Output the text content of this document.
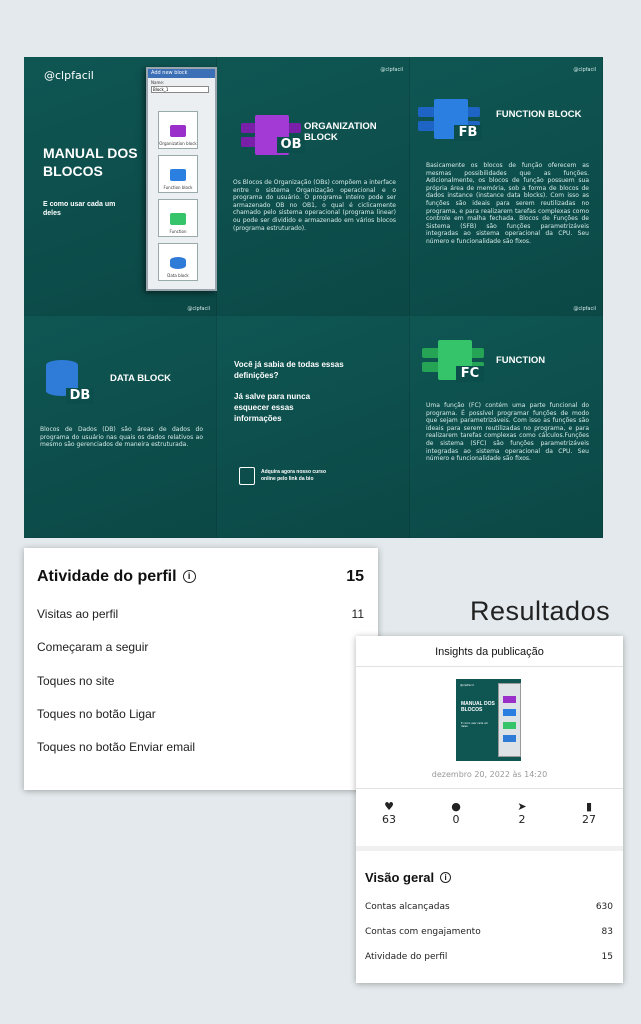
@clpfacil
MANUAL DOS BLOCOS
E como usar cada um deles
Add new block
Name:
Block_1
Organization block
Function block
Function
Data block
@clpfacil
OB
ORGANIZATION BLOCK
Os Blocos de Organização (OBs) compõem a interface entre o sistema Organização operacional e o programa do usuário. O programa inteiro pode ser armazenado OB no OB1, o qual é ciclicamente chamado pelo sistema operacional (programa linear) ou pode ser dividido e armazenado em vários blocos (programa estruturado).
@clpfacil
FB
FUNCTION BLOCK
Basicamente os blocos de função oferecem as mesmas possibilidades que as funções. Adicionalmente, os blocos de função possuem sua própria área de memória, sob a forma de blocos de dados instance (instance data blocks). Com isso as funções são ideais para serem reutilizadas no programa, e para realizarem tarefas complexas como controle em malha fechada. Blocos de Funções de Sistema (SFB) são funções parametrizáveis integradas ao sistema operacional da CPU. Seu número e funcionalidade são fixos.
@clpfacil
DB
DATA BLOCK
Blocos de Dados (DB) são áreas de dados do programa do usuário nas quais os dados relativos ao mesmo são gerenciados de maneira estruturada.
Você já sabia de todas essas definições?
Já salve para nunca esquecer essas informações
Adquira agora nosso curso online pelo link da bio
@clpfacil
FC
FUNCTION
Uma função (FC) contém uma parte funcional do programa. É possível programar funções de modo que sejam parametrizáveis. Com isso as funções são ideais para serem reutilizadas no programa, e para realizarem tarefas complexas como cálculos.Funções de sistema (SFC) são funções parametrizáveis integradas ao sistema operacional da CPU. Seu número e funcionalidade são fixos.
Atividade do perfil i	15
Visitas ao perfil	11
Começaram a seguir
Toques no site
Toques no botão Ligar
Toques no botão Enviar email
Resultados
Insights da publicação
@clpfacil
MANUAL DOS BLOCOS
E como usar cada um deles
dezembro 20, 2022 às 14:20
♥
63
●
0
➤
2
▮
27
Visão geral i
Contas alcançadas	630
Contas com engajamento	83
Atividade do perfil	15
